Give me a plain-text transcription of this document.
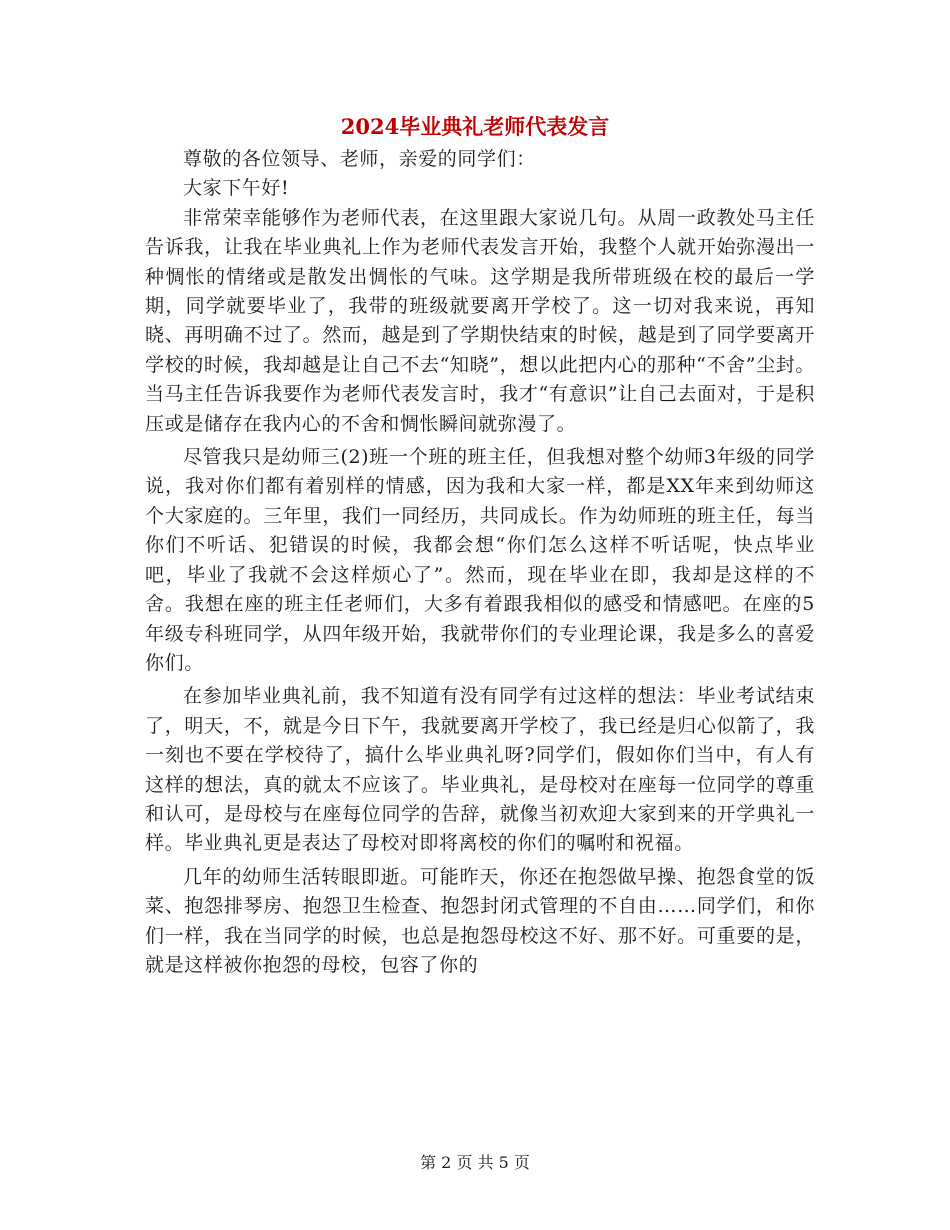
2024毕业典礼老师代表发言

尊敬的各位领导、老师，亲爱的同学们：

大家下午好!

非常荣幸能够作为老师代表，在这里跟大家说几句。从周一政教处马主任告诉我，让我在毕业典礼上作为老师代表发言开始，我整个人就开始弥漫出一种惆怅的情绪或是散发出惆怅的气味。这学期是我所带班级在校的最后一学期，同学就要毕业了，我带的班级就要离开学校了。这一切对我来说，再知晓、再明确不过了。然而，越是到了学期快结束的时候，越是到了同学要离开学校的时候，我却越是让自己不去“知晓”，想以此把内心的那种“不舍”尘封。当马主任告诉我要作为老师代表发言时，我才“有意识”让自己去面对，于是积压或是储存在我内心的不舍和惆怅瞬间就弥漫了。

尽管我只是幼师三(2)班一个班的班主任，但我想对整个幼师3年级的同学说，我对你们都有着别样的情感，因为我和大家一样，都是XX年来到幼师这个大家庭的。三年里，我们一同经历，共同成长。作为幼师班的班主任，每当你们不听话、犯错误的时候，我都会想“你们怎么这样不听话呢，快点毕业吧，毕业了我就不会这样烦心了”。然而，现在毕业在即，我却是这样的不舍。我想在座的班主任老师们，大多有着跟我相似的感受和情感吧。在座的5年级专科班同学，从四年级开始，我就带你们的专业理论课，我是多么的喜爱你们。

在参加毕业典礼前，我不知道有没有同学有过这样的想法：毕业考试结束了，明天，不，就是今日下午，我就要离开学校了，我已经是归心似箭了，我一刻也不要在学校待了，搞什么毕业典礼呀?同学们，假如你们当中，有人有这样的想法，真的就太不应该了。毕业典礼，是母校对在座每一位同学的尊重和认可，是母校与在座每位同学的告辞，就像当初欢迎大家到来的开学典礼一样。毕业典礼更是表达了母校对即将离校的你们的嘱咐和祝福。

几年的幼师生活转眼即逝。可能昨天，你还在抱怨做早操、抱怨食堂的饭菜、抱怨排琴房、抱怨卫生检查、抱怨封闭式管理的不自由……同学们，和你们一样，我在当同学的时候，也总是抱怨母校这不好、那不好。可重要的是，就是这样被你抱怨的母校，包容了你的

第 2 页 共 5 页
